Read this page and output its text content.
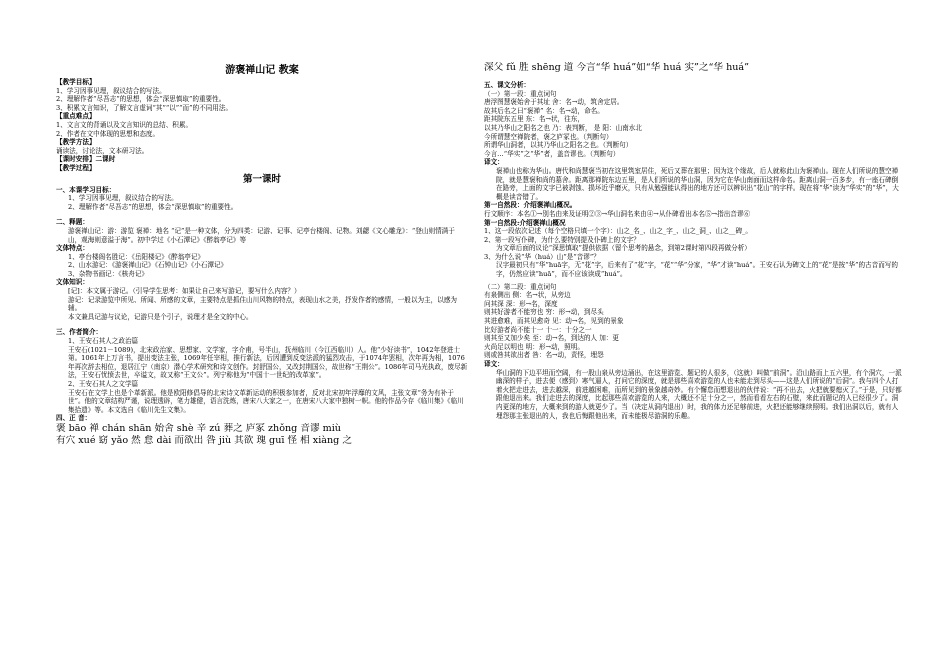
游褒禅山记 教案
【教学目标】
1、学习因事见理，叙议结合的写法。
2、理解作者“尽吾志”的思想，体会“深思慎取”的重要性。
3、积累文言知识，了解文言虚词“其”“以”“而”的不同用法。
【重点难点】
1、文言文的背诵以及文言知识的总结、积累。
2、作者在文中体现的思想和态度。
【教学方法】
诵读法，讨论法，文本研习法。
【课时安排】二课时
【教学过程】
第一课时
一、本课学习目标：
1、学习因事见理，叙议结合的写法。
2、理解作者“尽吾志”的思想，体会“深思慎取”的重要性。
二、释题：
游褒禅山记：游：游览 褒禅：地名 “记”是一种文体，分为四类：记游、记事、记亭台楼阁、记物。刘勰《文心雕龙》：“登山则情满于山，观海则意溢于海”。初中学过《小石潭记》《醉翁亭记》等
文体特点：
1、亭台楼阁名胜记：《岳阳楼记》《醉翁亭记》
2、山水游记：《游褒禅山记》《石钟山记》《小石潭记》
3、杂物书画记：《核舟记》
文体知识：
[记]：本文属于游记。（引导学生思考：如果让自己来写游记，要写什么内容？）
游记：记录游览中所见、所闻、所感的文章，主要特点是抓住山川风物的特点，表现山水之美，抒发作者的感情，一般以为主，以感为辅。
本文兼具记游与议论，记游只是个引子，说理才是全文的中心。
三、作者简介：
1、王安石其人之政治篇
王安石(1021－1089)，北宋政治家、思想家、文学家，字介甫，号半山，抚州临川（今江西临川）人。他“少好读书”，1042年登进士第。1061年上万言书，提出变法主张，1069年任宰相，推行新法，后因遭到反变法派的猛烈攻击，于1074年罢相，次年再为相，1076年再次辞去相位，退居江宁（南京）潜心学术研究和诗文创作。封舒国公，又改封荆国公，故世称“王荆公”。1086年司马光执政，废尽新法，王安石忧愤去世，卒谥文，故又称“王文公”。列宁称他为“中国十一世纪的改革家”。
2、王安石其人之文学篇
王安石在文学上也是个革新派。他是欧阳修倡导的北宋诗文革新运动的积极参加者，反对北宋初年浮靡的文风，主张文章“务为有补于世”。他的文章结构严谨，说理透辟，笔力雄健，语言洗炼，唐宋八大家之一，在唐宋八大家中独树一帜。他的作品今存《临川集》《临川集拾遗》等。本文选自《临川先生文集》。
四、正 音：
褒 bāo 禅 chán shān 始舍 shè 辛 zú 葬之 庐冢 zhǒng 音谬 miù
有穴 xué 窈 yǎo 然 怠 dài 而欲出 咎 jiù 其欲 瑰 guī 怪 相 xiàng 之
深父 fǔ 胜 shēng 道 今言“华 huá”如“华 huá 实”之“华 huá”
五、课文分析：
（一）第一段：重点词句
唐浮图慧褒始舍于其址 舍：名→动，筑舍定居。
故其后名之曰“褒禅” 名：名→动，命名。
距其院东五里 东：名→状，往东，
以其乃华山之阳名之也 乃：表判断， 是 阳：山南水北
今所谓慧空禅院者，褒之庐冢也。（判断句）
所谓华山洞者，以其乃华山之阳名之也。（判断句）
今言…“华实”之“华”者，盖音谬也。（判断句）
译文：
褒禅山也称为华山。唐代和尚慧褒当初在这里筑室居住，死后又葬在那里；因为这个缘故，后人就称此山为褒禅山。现在人们所说的慧空禅院，就是慧褒和尚的墓舍。距离那禅院东边五里，是人们所说的华山洞，因为它在华山南面而这样命名。距离山洞一百多步，有一座石碑倒在路旁，上面的文字已被剥蚀、损坏近乎磨灭，只有从勉强能认得出的地方还可以辨识出“花山”的字样。现在将“华”读为“华实”的“华”，大概是读音错了。
第一自然段：介绍褒禅山概况。
行文顺序：本名①→别名由来及证明②③→华山洞名来由④→从仆碑看出本名⑤→指出音谬⑥
第一自然段:介绍褒禅山概况
1、这一段依次记述（每个空格只填一个字）：山之_名_、山之_字_、山之_洞_、山之__碑_。
2、第一段写仆碑，为什么要特别提及仆碑上的文字？
为文章后面的议论“深思慎取”提供依据（留个思考的悬念，到第2课时第四段再做分析）
3、为什么说“华（huá）山”是“音谬”？
汉字最初只有“华”huā字，无“花”字，后来有了“花”字，“花”“华”分家，“华”才读“huá”。王安石认为碑文上的“花”是按“华”的古音而写的字，仍然应读“huā”，而不应该读成“huá”。
（二）第二段：重点词句
有泉侧出 侧：名→状，从旁边
问其深 深：形→名，深度
则其好游者不能穷也 穷：形→动，到尽头
其进愈难，而其见愈奇 见：动→名，见到的景象
比好游者尚不能十一 十一：十分之一
则其至又加少矣 至：动→名，到达的人 加：更
火尚足以明也 明：形→动，照明。
则或咎其欲出者 咎：名→动，责怪，埋怨
译文：
华山洞的下边平坦而空阔，有一股山泉从旁边涌出，在这里游览、题记的人很多，（这就）叫做“前洞”。沿山路而上五六里，有个洞穴，一派幽深的样子，进去便（感到）寒气逼人，打问它的深度，就是那些喜欢游览的人也未能走到尽头——这是人们所说的“后洞”。我与四个人打着火把走进去，进去越深，前进越困难，而所见到的景象越奇妙。有个懈怠而想退出的伙伴说：“再不出去，火把就要熄灭了。”于是，只好都跟他退出来。我们走进去的深度，比起那些喜欢游览的人来，大概还不足十分之一，然而看看左右的石壁，来此而题记的人已经很少了。洞内更深的地方，大概来到的游人就更少了。当（决定从洞内退出）时，我的体力还足够前进，火把还能够继续照明。我们出洞以后，就有人埋怨那主张退出的人，我也后悔跟他出来，而未能极尽游洞的乐趣。
